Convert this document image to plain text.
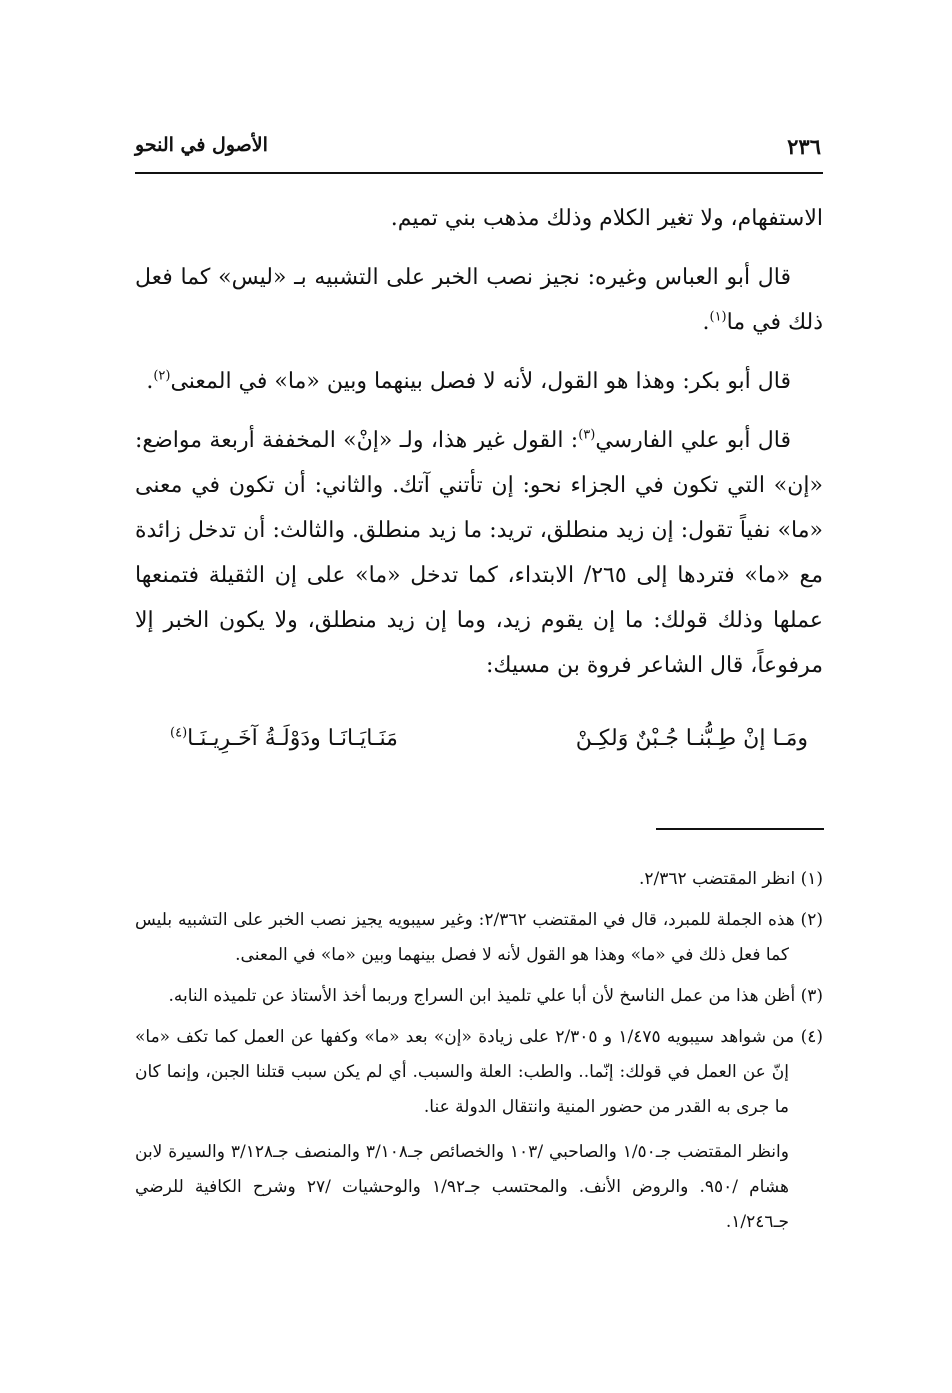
الأصول في النحو	٢٣٦

الاستفهام، ولا تغير الكلام وذلك مذهب بني تميم.

قال أبو العباس وغيره: نجيز نصب الخبر على التشبيه بـ «ليس» كما فعل ذلك في ما$^{(١)}$.

قال أبو بكر: وهذا هو القول، لأنه لا فصل بينهما وبين «ما» في المعنى$^{(٢)}$.

قال أبو علي الفارسي$^{(٣)}$: القول غير هذا، ولـ «إنْ» المخففة أربعة مواضع: «إن» التي تكون في الجزاء نحو: إن تأتني آتك. والثاني: أن تكون في معنى «ما» نفياً تقول: إن زيد منطلق، تريد: ما زيد منطلق. والثالث: أن تدخل زائدة مع «ما» فتردها إلى ٢٦٥/ الابتداء، كما تدخل «ما» على إن الثقيلة فتمنعها عملها وذلك قولك: ما إن يقوم زيد، وما إن زيد منطلق، ولا يكون الخبر إلا مرفوعاً، قال الشاعر فروة بن مسيك:

ومَـا إنْ طِـبُّنـا جُـبْنٌ وَلكِـنْ
مَنَـايَـانَـا ودَوْلَـةُ آخَـرِيـنَـا$^{(٤)}$
(١) انظر المقتضب ٢/٣٦٢.
(٢) هذه الجملة للمبرد، قال في المقتضب ٢/٣٦٢: وغير سيبويه يجيز نصب الخبر على التشبيه بليس كما فعل ذلك في «ما» وهذا هو القول لأنه لا فصل بينهما وبين «ما» في المعنى.
(٣) أظن هذا من عمل الناسخ لأن أبا علي تلميذ ابن السراج وربما أخذ الأستاذ عن تلميذه النابه.
(٤) من شواهد سيبويه ١/٤٧٥ و ٢/٣٠٥ على زيادة «إن» بعد «ما» وكفها عن العمل كما تكف «ما» إنّ عن العمل في قولك: إنّما.. والطب: العلة والسبب. أي لم يكن سبب قتلنا الجبن، وإنما كان ما جرى به القدر من حضور المنية وانتقال الدولة عنا.
وانظر المقتضب جـ١/٥٠ والصاحبي /١٠٣ والخصائص جـ٣/١٠٨ والمنصف جـ٣/١٢٨ والسيرة لابن هشام /٩٥٠. والروض الأنف. والمحتسب جـ١/٩٢ والوحشيات /٢٧ وشرح الكافية للرضي جـ١/٢٤٦.
